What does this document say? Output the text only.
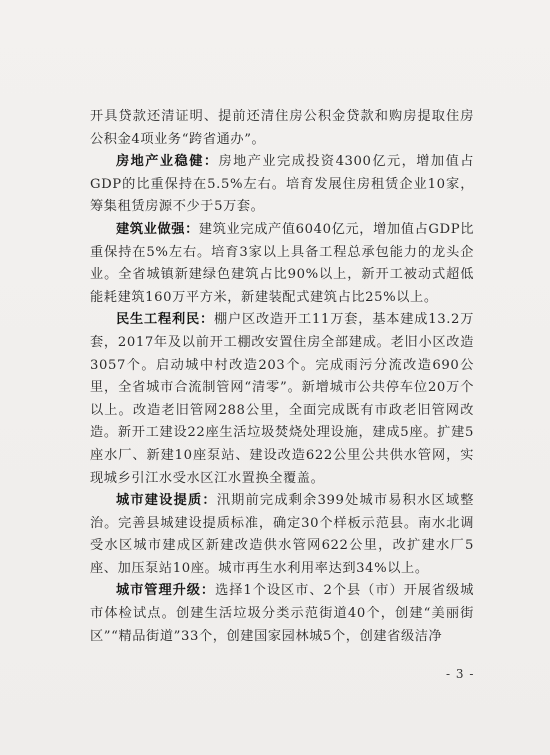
开具贷款还清证明、提前还清住房公积金贷款和购房提取住房公积金4项业务“跨省通办”。

房地产业稳健：房地产业完成投资4300亿元，增加值占GDP的比重保持在5.5%左右。培育发展住房租赁企业10家，筹集租赁房源不少于5万套。

建筑业做强：建筑业完成产值6040亿元，增加值占GDP比重保持在5%左右。培育3家以上具备工程总承包能力的龙头企业。全省城镇新建绿色建筑占比90%以上，新开工被动式超低能耗建筑160万平方米，新建装配式建筑占比25%以上。

民生工程利民：棚户区改造开工11万套，基本建成13.2万套，2017年及以前开工棚改安置住房全部建成。老旧小区改造3057个。启动城中村改造203个。完成雨污分流改造690公里，全省城市合流制管网“清零”。新增城市公共停车位20万个以上。改造老旧管网288公里，全面完成既有市政老旧管网改造。新开工建设22座生活垃圾焚烧处理设施，建成5座。扩建5座水厂、新建10座泵站、建设改造622公里公共供水管网，实现城乡引江水受水区江水置换全覆盖。

城市建设提质：汛期前完成剩余399处城市易积水区域整治。完善县城建设提质标准，确定30个样板示范县。南水北调受水区城市建成区新建改造供水管网622公里，改扩建水厂5座、加压泵站10座。城市再生水利用率达到34%以上。

城市管理升级：选择1个设区市、2个县（市）开展省级城市体检试点。创建生活垃圾分类示范街道40个，创建“美丽街区”“精品街道”33个，创建国家园林城5个，创建省级洁净

- 3 -
